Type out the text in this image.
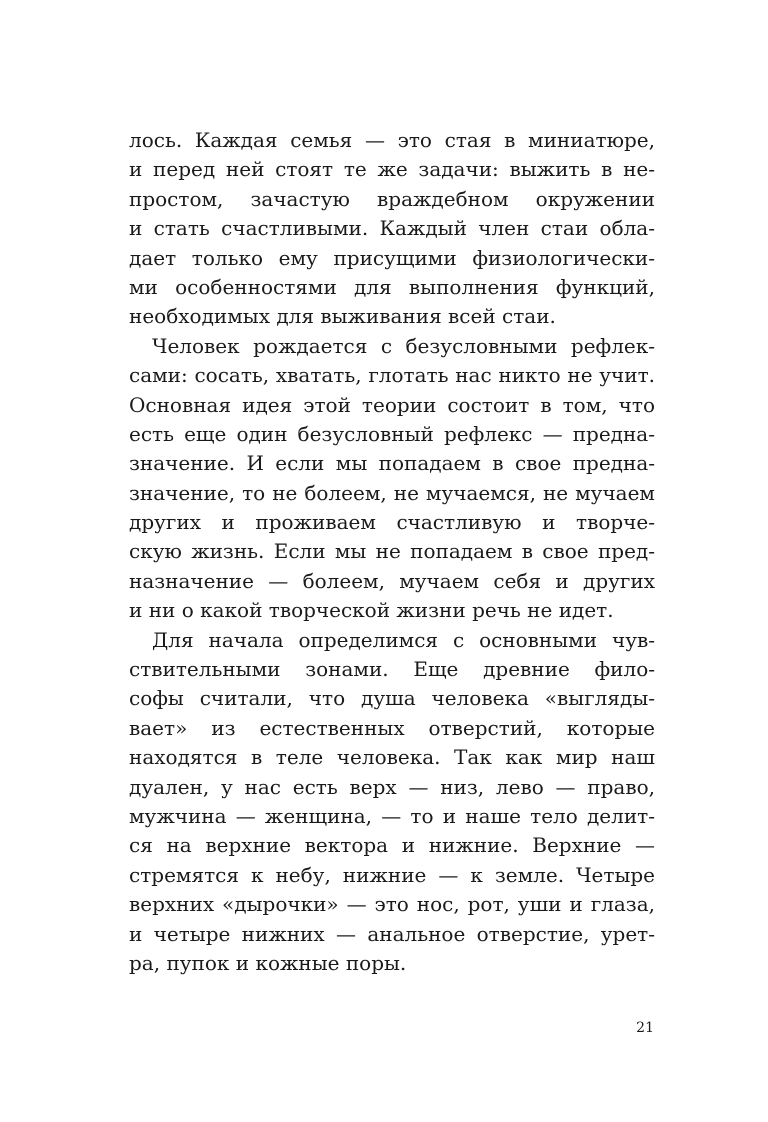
лось. Каждая семья — это стая в миниатюре,
и перед ней стоят те же задачи: выжить в не-
простом, зачастую враждебном окружении
и стать счастливыми. Каждый член стаи обла-
дает только ему присущими физиологически-
ми особенностями для выполнения функций,
необходимых для выживания всей стаи.
Человек рождается с безусловными рефлек-
сами: сосать, хватать, глотать нас никто не учит.
Основная идея этой теории состоит в том, что
есть еще один безусловный рефлекс — предна-
значение. И если мы попадаем в свое предна-
значение, то не болеем, не мучаемся, не мучаем
других и проживаем счастливую и творче-
скую жизнь. Если мы не попадаем в свое пред-
назначение — болеем, мучаем себя и других
и ни о какой творческой жизни речь не идет.
Для начала определимся с основными чув-
ствительными зонами. Еще древние фило-
софы считали, что душа человека «выгляды-
вает» из естественных отверстий, которые
находятся в теле человека. Так как мир наш
дуален, у нас есть верх — низ, лево — право,
мужчина — женщина, — то и наше тело делит-
ся на верхние вектора и нижние. Верхние —
стремятся к небу, нижние — к земле. Четыре
верхних «дырочки» — это нос, рот, уши и глаза,
и четыре нижних — анальное отверстие, урет-
ра, пупок и кожные поры.
21
